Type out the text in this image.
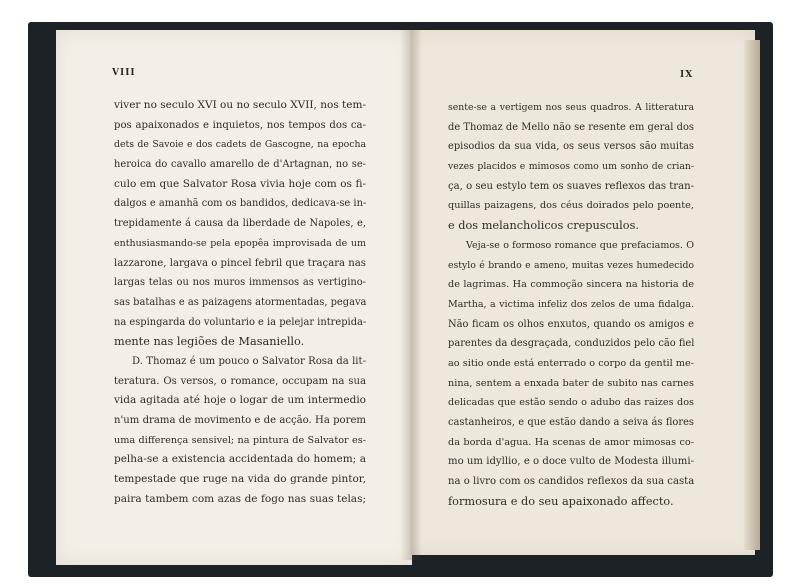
VIII	IX
viver no seculo XVI ou no seculo XVII, nos tem-
pos apaixonados e inquietos, nos tempos dos ca-
dets de Savoie e dos cadets de Gascogne, na epocha
heroica do cavallo amarello de d'Artagnan, no se-
culo em que Salvator Rosa vivia hoje com os fi-
dalgos e amanhã com os bandidos, dedicava-se in-
trepidamente á causa da liberdade de Napoles, e,
enthusiasmando-se pela epopêa improvisada de um
lazzarone, largava o pincel febril que traçara nas
largas telas ou nos muros immensos as vertigino-
sas batalhas e as paizagens atormentadas, pegava
na espingarda do voluntario e ia pelejar intrepida-
mente nas legiões de Masaniello.
D. Thomaz é um pouco o Salvator Rosa da lit-
teratura. Os versos, o romance, occupam na sua
vida agitada até hoje o logar de um intermedio
n'um drama de movimento e de acção. Ha porem
uma differença sensivel; na pintura de Salvator es-
pelha-se a existencia accidentada do homem; a
tempestade que ruge na vida do grande pintor,
paira tambem com azas de fogo nas suas telas;
sente-se a vertigem nos seus quadros. A litteratura
de Thomaz de Mello não se resente em geral dos
episodios da sua vida, os seus versos são muitas
vezes placidos e mimosos como um sonho de crian-
ça, o seu estylo tem os suaves reflexos das tran-
quillas paizagens, dos céus doirados pelo poente,
e dos melancholicos crepusculos.
Veja-se o formoso romance que prefaciamos. O
estylo é brando e ameno, muitas vezes humedecido
de lagrimas. Ha commoção sincera na historia de
Martha, a victima infeliz dos zelos de uma fidalga.
Não ficam os olhos enxutos, quando os amigos e
parentes da desgraçada, conduzidos pelo cão fiel
ao sitio onde está enterrado o corpo da gentil me-
nina, sentem a enxada bater de subito nas carnes
delicadas que estão sendo o adubo das raizes dos
castanheiros, e que estão dando a seiva ás flores
da borda d'agua. Ha scenas de amor mimosas co-
mo um idyllio, e o doce vulto de Modesta illumi-
na o livro com os candidos reflexos da sua casta
formosura e do seu apaixonado affecto.
